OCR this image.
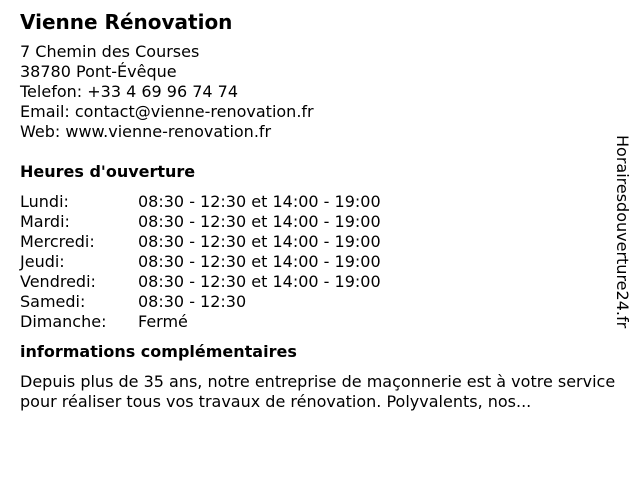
Vienne Rénovation
7 Chemin des Courses
38780 Pont-Évêque
Telefon: +33 4 69 96 74 74
Email: contact@vienne-renovation.fr
Web: www.vienne-renovation.fr
Heures d'ouverture
Lundi:	08:30 - 12:30 et 14:00 - 19:00
Mardi:	08:30 - 12:30 et 14:00 - 19:00
Mercredi:	08:30 - 12:30 et 14:00 - 19:00
Jeudi:	08:30 - 12:30 et 14:00 - 19:00
Vendredi:	08:30 - 12:30 et 14:00 - 19:00
Samedi:	08:30 - 12:30
Dimanche:	Fermé
informations complémentaires
Depuis plus de 35 ans, notre entreprise de maçonnerie est à votre service pour réaliser tous vos travaux de rénovation. Polyvalents, nos...
Horairesdouverture24.fr
